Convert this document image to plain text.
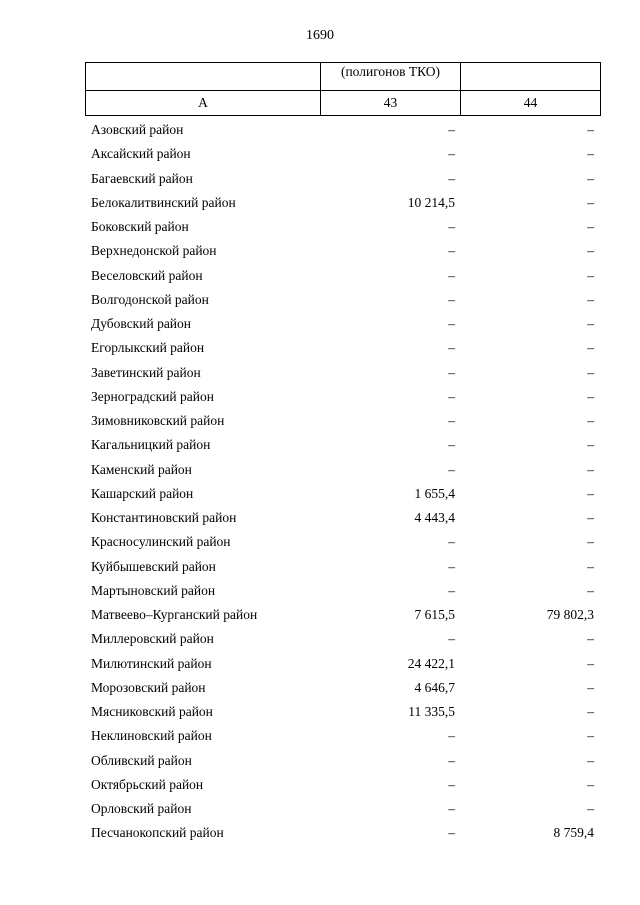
1690
	(полигонов ТКО)	
А	43	44
Азовский район	–	–
Аксайский район	–	–
Багаевский район	–	–
Белокалитвинский район	10 214,5	–
Боковский район	–	–
Верхнедонской район	–	–
Веселовский район	–	–
Волгодонской район	–	–
Дубовский район	–	–
Егорлыкский район	–	–
Заветинский район	–	–
Зерноградский район	–	–
Зимовниковский район	–	–
Кагальницкий район	–	–
Каменский район	–	–
Кашарский район	1 655,4	–
Константиновский район	4 443,4	–
Красносулинский район	–	–
Куйбышевский район	–	–
Мартыновский район	–	–
Матвеево–Курганский район	7 615,5	79 802,3
Миллеровский район	–	–
Милютинский район	24 422,1	–
Морозовский район	4 646,7	–
Мясниковский район	11 335,5	–
Неклиновский район	–	–
Обливский район	–	–
Октябрьский район	–	–
Орловский район	–	–
Песчанокопский район	–	8 759,4
